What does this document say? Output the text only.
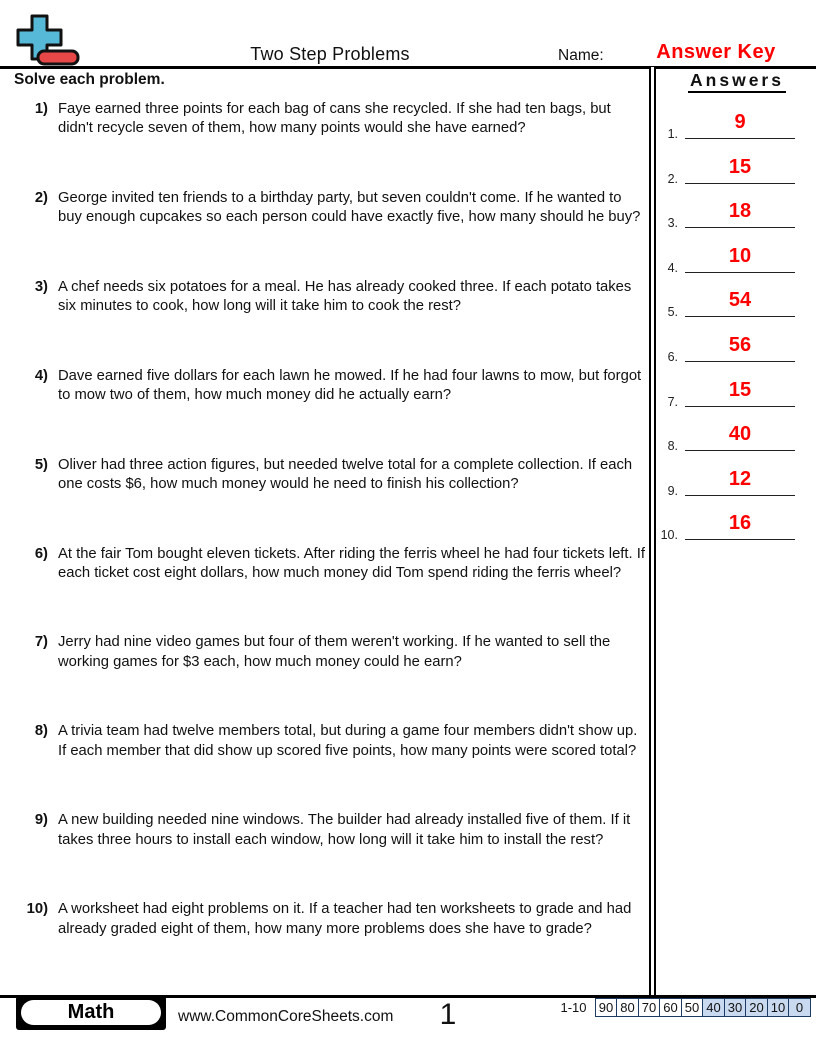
Two Step Problems	Name:	Answer Key
Solve each problem.
1) Faye earned three points for each bag of cans she recycled. If she had ten bags, but didn't recycle seven of them, how many points would she have earned?
2) George invited ten friends to a birthday party, but seven couldn't come. If he wanted to buy enough cupcakes so each person could have exactly five, how many should he buy?
3) A chef needs six potatoes for a meal. He has already cooked three. If each potato takes six minutes to cook, how long will it take him to cook the rest?
4) Dave earned five dollars for each lawn he mowed. If he had four lawns to mow, but forgot to mow two of them, how much money did he actually earn?
5) Oliver had three action figures, but needed twelve total for a complete collection. If each one costs $6, how much money would he need to finish his collection?
6) At the fair Tom bought eleven tickets. After riding the ferris wheel he had four tickets left. If each ticket cost eight dollars, how much money did Tom spend riding the ferris wheel?
7) Jerry had nine video games but four of them weren't working. If he wanted to sell the working games for $3 each, how much money could he earn?
8) A trivia team had twelve members total, but during a game four members didn't show up. If each member that did show up scored five points, how many points were scored total?
9) A new building needed nine windows. The builder had already installed five of them. If it takes three hours to install each window, how long will it take him to install the rest?
10) A worksheet had eight problems on it. If a teacher had ten worksheets to grade and had already graded eight of them, how many more problems does she have to grade?
Answers
1.
9
2.
15
3.
18
4.
10
5.
54
6.
56
7.
15
8.
40
9.
12
10.
16
Math	www.CommonCoreSheets.com	1	1-10 90 80 70 60 50 40 30 20 10 0
